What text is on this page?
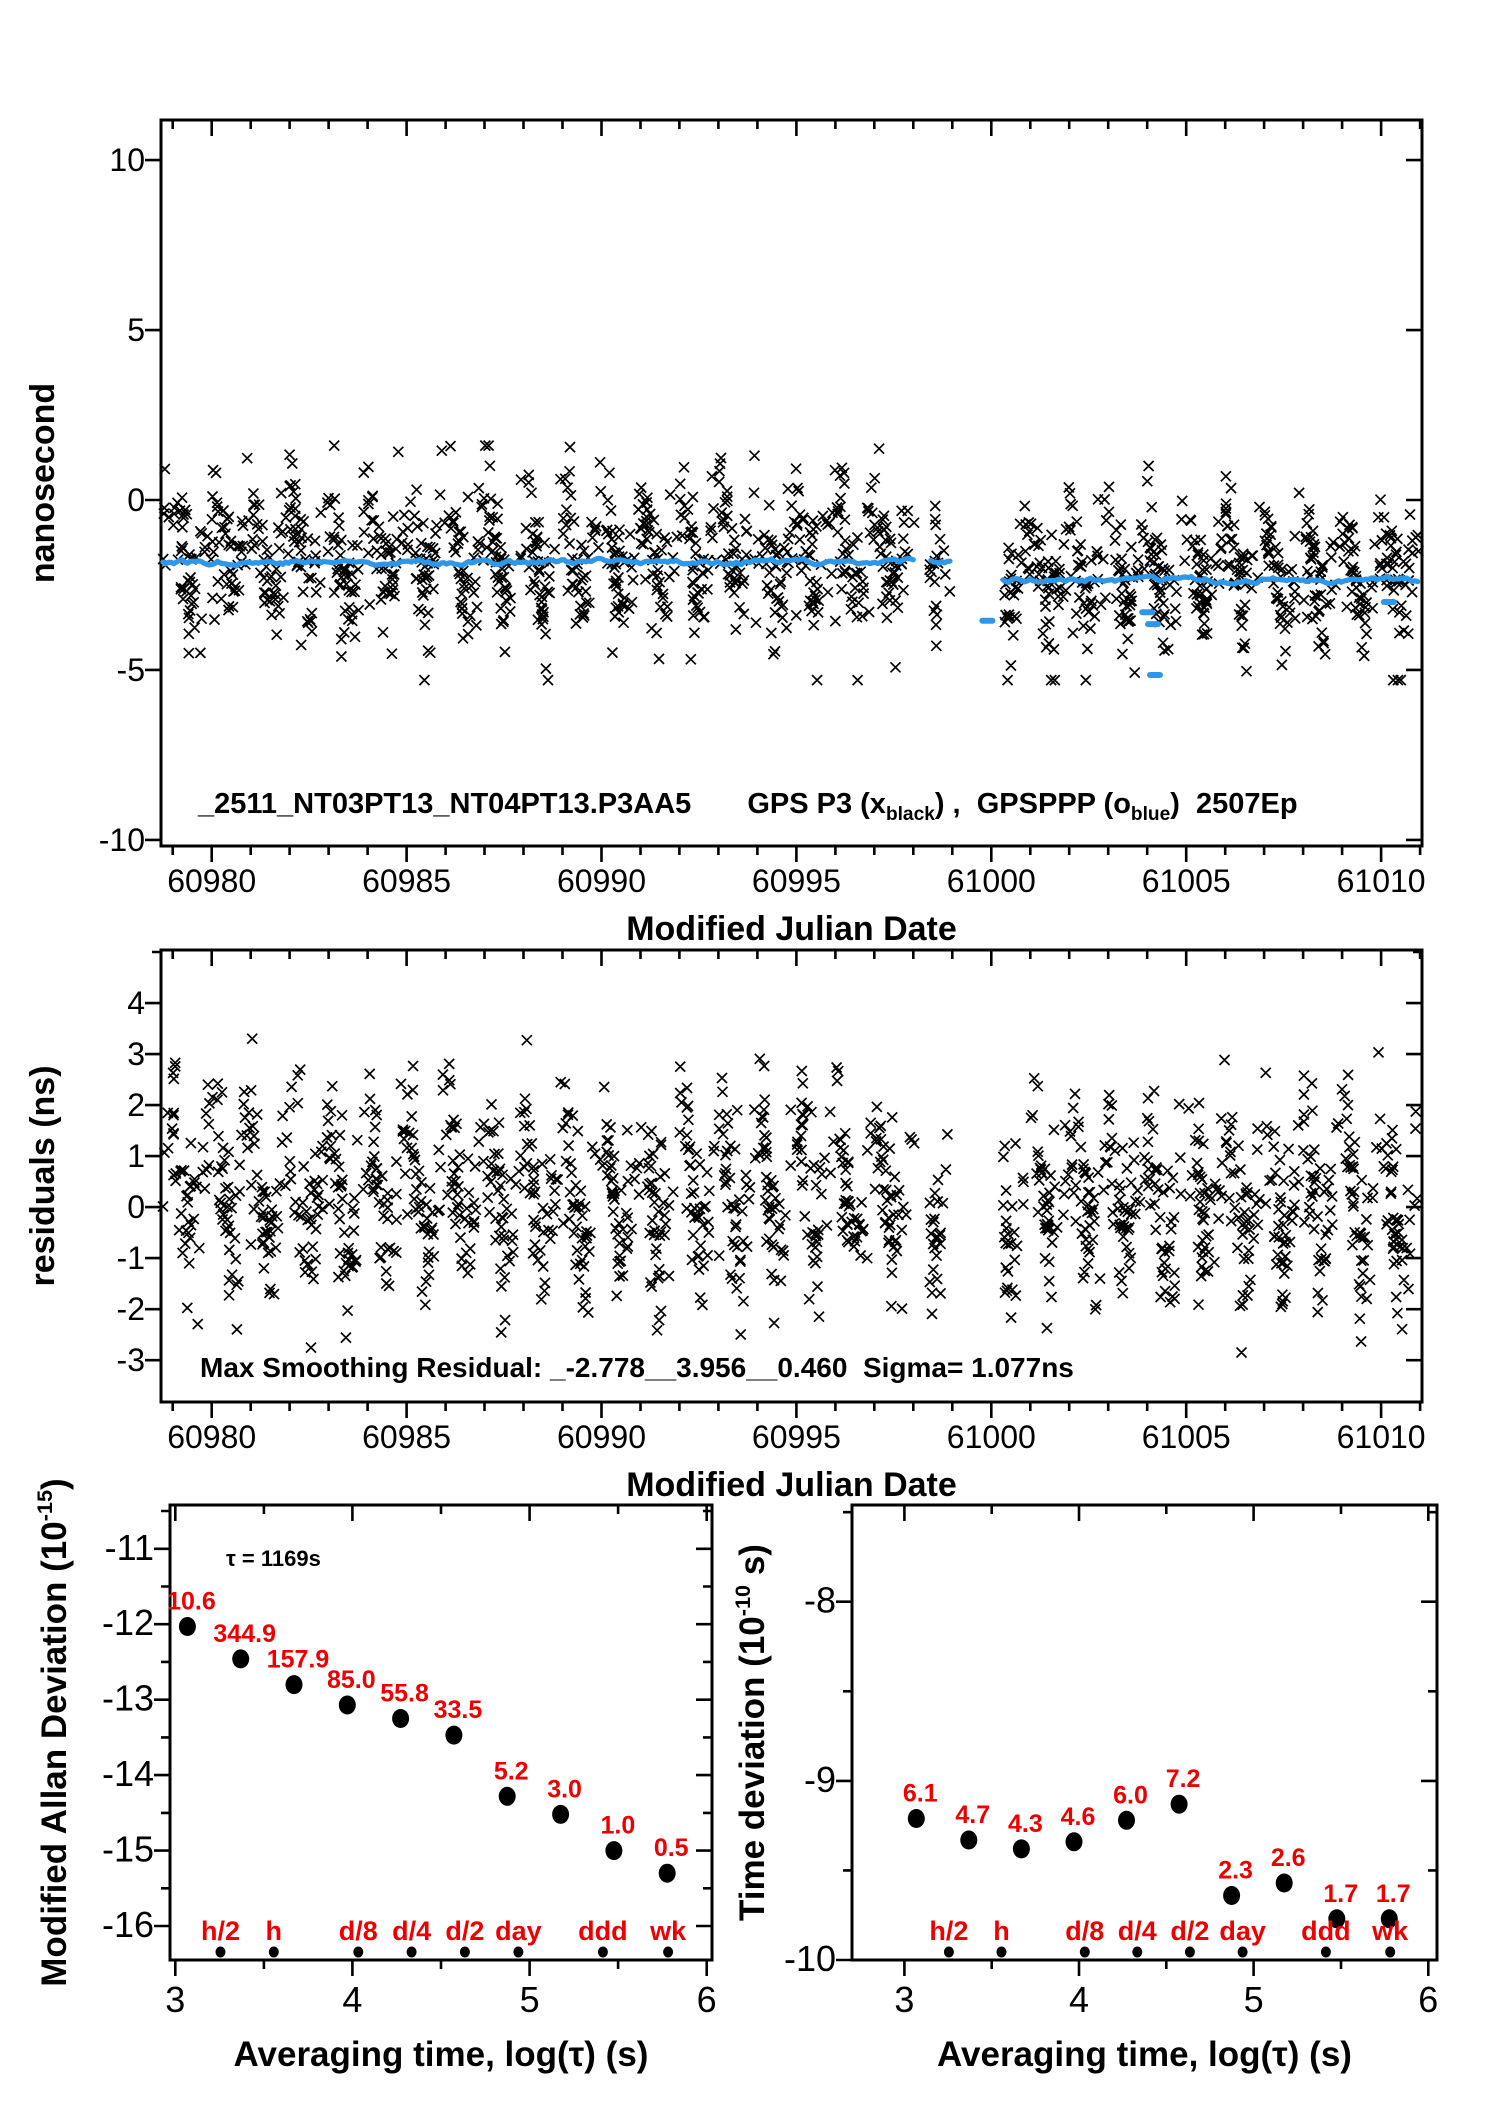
60980	60985	60990	60995	61000	61005	61010
-10
-5
0
5
10
Modified Julian Date
nanosecond
60980	60985	60990	60995	61000	61005	61010
-3
-2
-1
0
1
2
3
4
Modified Julian Date
residuals (ns)
3	4	5	6
-16
-15
-14
-13
-12
-11
Averaging time, log(τ) (s)
Modified Allan Deviation $(10^{-15})$
10.6
344.9
157.9
85.0 55.8
33.5
5.2
3.0
1.0
0.5
h/2 h d/8 d/4 d/2 day ddd wk
3	4	5	6
-10
-9
-8
Averaging time, log(τ) (s)
Time deviation ($10^{-10}$ s)
6.1
4.7 4.3 4.6
6.0
7.2
2.3 2.6
1.7 1.7
h/2 h d/8 d/4 d/2 day ddd wk
_2511_NT03PT13_NT04PT13.P3AA5 GPS P3 $(x_{black})$ ,  GPSPPP $(o_{blue})$  2507Ep
Max Smoothing Residual: _-2.778__3.956__0.460  Sigma= 1.077ns
τ = 1169s
